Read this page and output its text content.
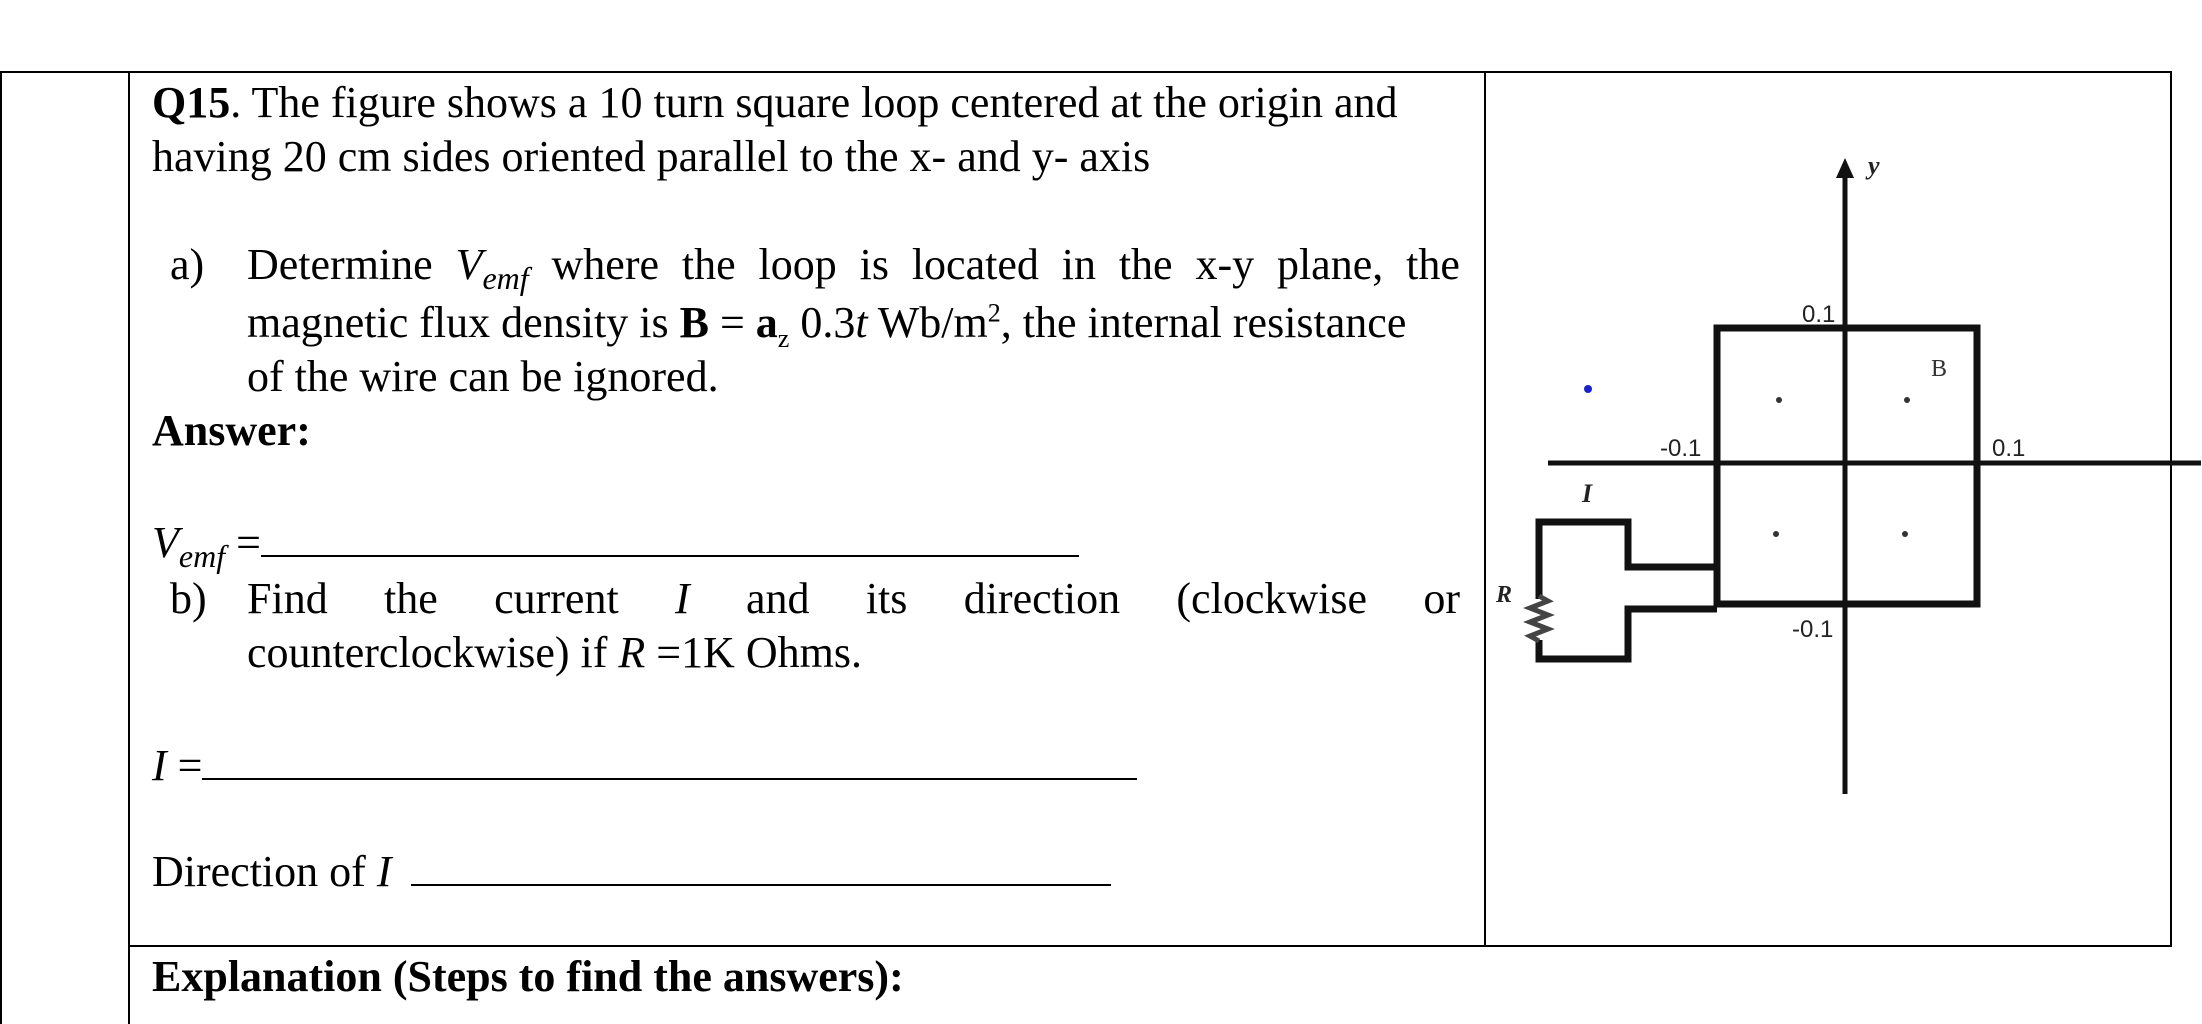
Q15. The figure shows a 10 turn square loop centered at the origin and
having 20 cm sides oriented parallel to the x- and y- axis
a) Determine $V_{emf}$ where the loop is located in the x-y plane, the
magnetic flux density is $B = a_z$ 0.3t $Wb/m^2$, the internal resistance
of the wire can be ignored.
Answer:
$V_{emf}$ =
b) Find the current I and its direction (clockwise or
counterclockwise) if R =1K Ohms.
I =
Direction of I
Explanation (Steps to find the answers):
y
0.1
-0.1	0.1
-0.1
B
I
R
